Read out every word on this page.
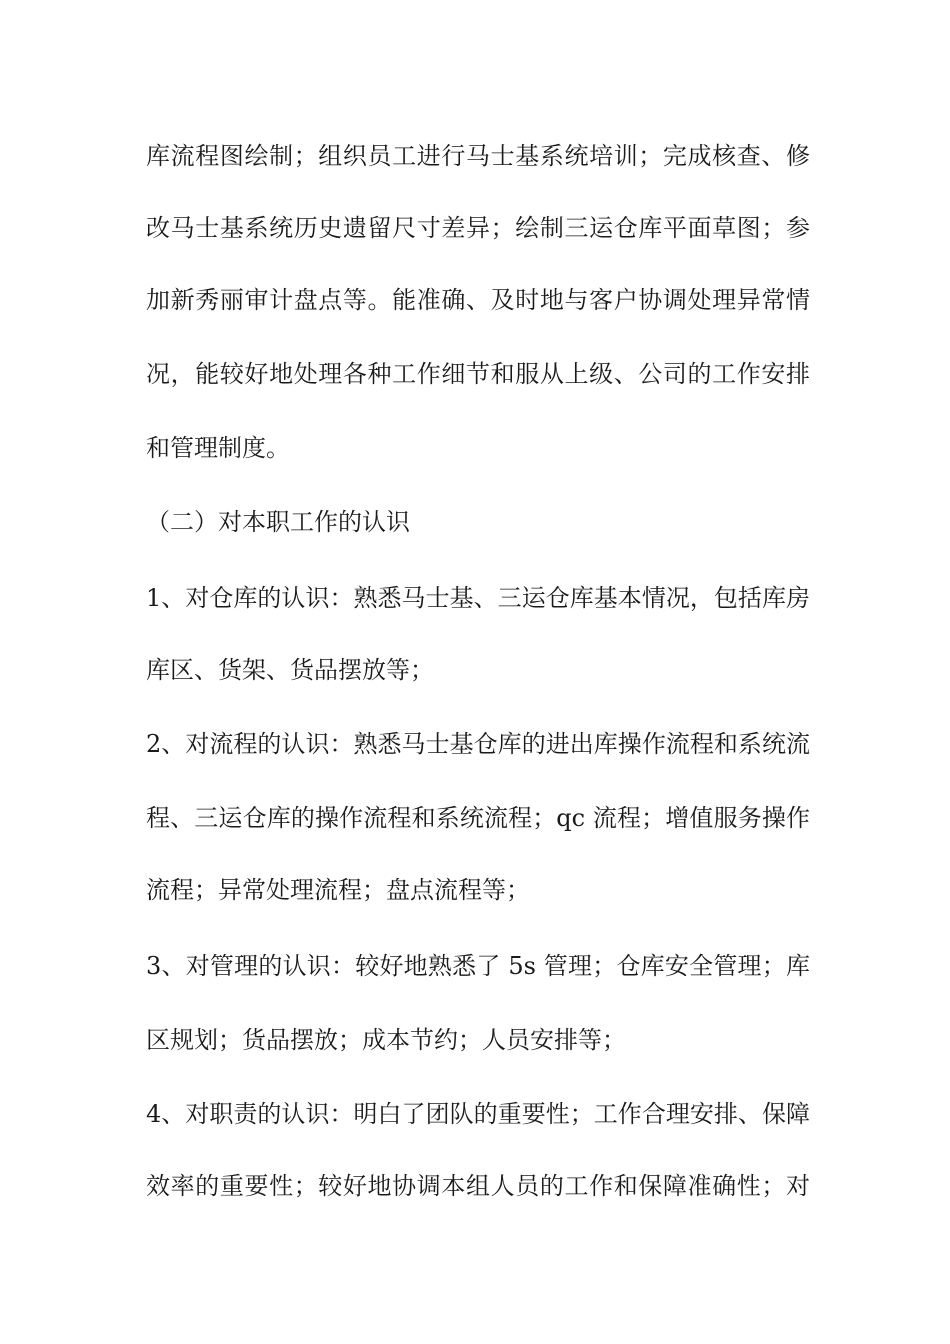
库流程图绘制；组织员工进行马士基系统培训；完成核查、修
改马士基系统历史遗留尺寸差异；绘制三运仓库平面草图；参
加新秀丽审计盘点等。能准确、及时地与客户协调处理异常情
况，能较好地处理各种工作细节和服从上级、公司的工作安排
和管理制度。
（二）对本职工作的认识
1、对仓库的认识：熟悉马士基、三运仓库基本情况，包括库房
库区、货架、货品摆放等；
2、对流程的认识：熟悉马士基仓库的进出库操作流程和系统流
程、三运仓库的操作流程和系统流程；qc 流程；增值服务操作
流程；异常处理流程；盘点流程等；
3、对管理的认识：较好地熟悉了 5s 管理；仓库安全管理；库
区规划；货品摆放；成本节约；人员安排等；
4、对职责的认识：明白了团队的重要性；工作合理安排、保障
效率的重要性；较好地协调本组人员的工作和保障准确性；对
